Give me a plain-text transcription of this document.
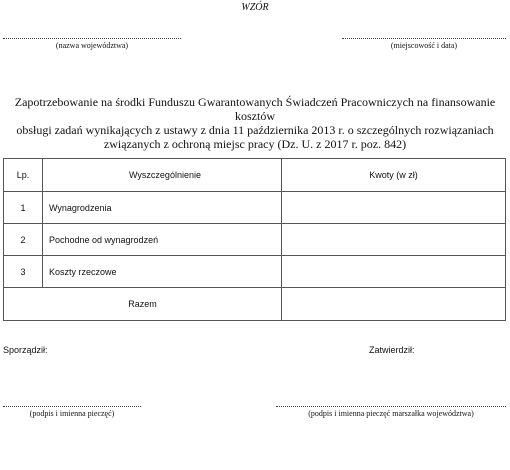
WZÓR
(nazwa województwa)	(miejscowość i data)
Zapotrzebowanie na środki Funduszu Gwarantowanych Świadczeń Pracowniczych na finansowanie kosztów
obsługi zadań wynikających z ustawy z dnia 11 października 2013 r. o szczególnych rozwiązaniach
związanych z ochroną miejsc pracy (Dz. U. z 2017 r. poz. 842)
Lp.	Wyszczególnienie	Kwoty (w zł)
1	Wynagrodzenia	
2	Pochodne od wynagrodzeń	
3	Koszty rzeczowe	
Razem		
Sporządził:	Zatwierdził:
(podpis i imienna pieczęć)	(podpis i imienna pieczęć marszałka województwa)
